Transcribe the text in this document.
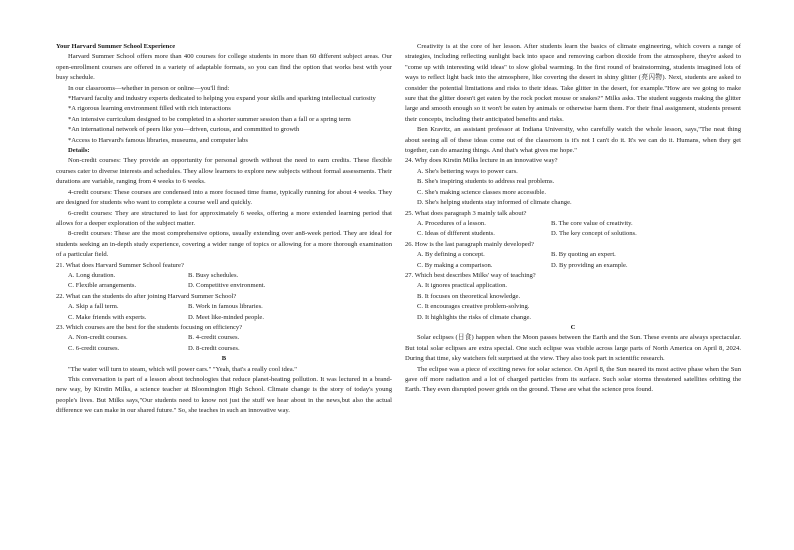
Your Harvard Summer School Experience

Harvard Summer School offers more than 400 courses for college students in more than 60 different subject areas. Our open-enrollment courses are offered in a variety of adaptable formats, so you can find the option that works best with your busy schedule.

In our classrooms—whether in person or online—you'll find:

*Harvard faculty and industry experts dedicated to helping you expand your skills and sparking intellectual curiosity

*A rigorous learning environment filled with rich interactions

*An intensive curriculum designed to be completed in a shorter summer session than a fall or a spring term

*An international network of peers like you—driven, curious, and committed to growth

*Access to Harvard's famous libraries, museums, and computer labs

Details:

Non-credit courses: They provide an opportunity for personal growth without the need to earn credits. These flexible courses cater to diverse interests and schedules. They allow learners to explore new subjects without formal assessments. Their durations are variable, ranging from 4 weeks to 6 weeks.

4-credit courses: These courses are condensed into a more focused time frame, typically running for about 4 weeks. They are designed for students who want to complete a course well and quickly.

6-credit courses: They are structured to last for approximately 6 weeks, offering a more extended learning period that allows for a deeper exploration of the subject matter.

8-credit courses: These are the most comprehensive options, usually extending over an8-week period. They are ideal for students seeking an in-depth study experience, covering a wider range of topics or allowing for a more thorough examination of a particular field.

21. What does Harvard Summer School feature?

A. Long duration.	B. Busy schedules.
C. Flexible arrangements.	D. Competitive environment.

22. What can the students do after joining Harvard Summer School?

A. Skip a fall term.	B. Work in famous libraries.
C. Make friends with experts.	D. Meet like-minded people.

23. Which courses are the best for the students focusing on efficiency?

A. Non-credit courses.	B. 4-credit courses.
C. 6-credit courses.	D. 8-credit courses.

B

"The water will turn to steam, which will power cars." "Yeah, that's a really cool idea."

This conversation is part of a lesson about technologies that reduce planet-heating pollution. It was lectured in a brand-new way, by Kirstin Milks, a science teacher at Bloomington High School. Climate change is the story of today's young people's lives. But Milks says,"Our students need to know not just the stuff we hear about in the news,but also the actual difference we can make in our shared future." So, she teaches in such an innovative way.

Creativity is at the core of her lesson. After students learn the basics of climate engineering, which covers a range of strategies, including reflecting sunlight back into space and removing carbon dioxide from the atmosphere, they're asked to "come up with interesting wild ideas" to slow global warming. In the first round of brainstorming, students imagined lots of ways to reflect light back into the atmosphere, like covering the desert in shiny glitter (亮闪物). Next, students are asked to consider the potential limitations and risks to their ideas. Take glitter in the desert, for example."How are we going to make sure that the glitter doesn't get eaten by the rock pocket mouse or snakes?" Milks asks. The student suggests making the glitter large and smooth enough so it won't be eaten by animals or otherwise harm them. For their final assignment, students present their concepts, including their anticipated benefits and risks.

Ben Kravitz, an assistant professor at Indiana University, who carefully watch the whole lesson, says,"The neat thing about seeing all of these ideas come out of the classroom is it's not I can't do it. It's we can do it. Humans, when they get together, can do amazing things. And that's what gives me hope."

24. Why does Kirstin Milks lecture in an innovative way?

A. She's bettering ways to power cars.
B. She's inspiring students to address real problems.
C. She's making science classes more accessible.
D. She's helping students stay informed of climate change.

25. What does paragraph 3 mainly talk about?

A. Procedures of a lesson.	B. The core value of creativity.
C. Ideas of different students.	D. The key concept of solutions.

26. How is the last paragraph mainly developed?

A. By defining a concept.	B. By quoting an expert.
C. By making a comparison.	D. By providing an example.

27. Which best describes Milks' way of teaching?

A. It ignores practical application.
B. It focuses on theoretical knowledge.
C. It encourages creative problem-solving.
D. It highlights the risks of climate change.

C

Solar eclipses (日食) happen when the Moon passes between the Earth and the Sun. These events are always spectacular. But total solar eclipses are extra special. One such eclipse was visible across large parts of North America on April 8, 2024. During that time, sky watchers felt surprised at the view. They also took part in scientific research.

The eclipse was a piece of exciting news for solar science. On April 8, the Sun neared its most active phase when the Sun gave off more radiation and a lot of charged particles from its surface. Such solar storms threatened satellites orbiting the Earth. They even disrupted power grids on the ground. These are what the science pros found.
